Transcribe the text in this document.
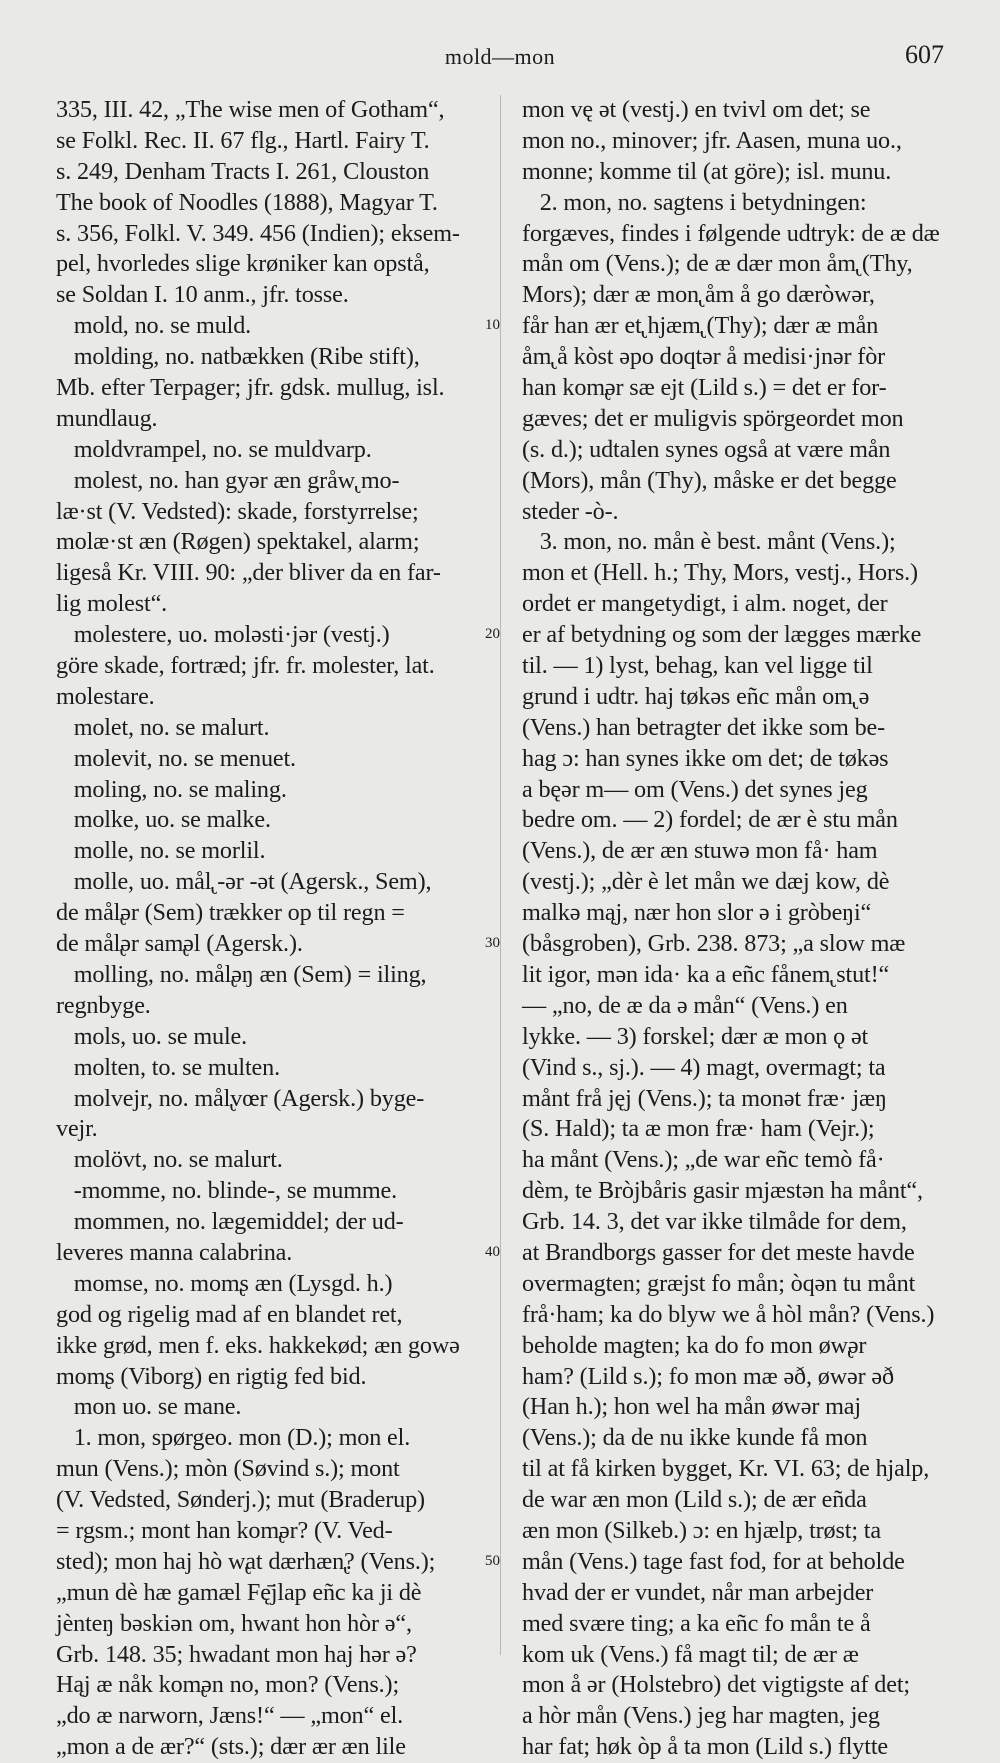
mold—mon	607
335, III. 42, „The wise men of Gotham“,
se Folkl. Rec. II. 67 flg., Hartl. Fairy T.
s. 249, Denham Tracts I. 261, Clouston
The book of Noodles (1888), Magyar T.
s. 356, Folkl. V. 349. 456 (Indien); eksem-
pel, hvorledes slige krøniker kan opstå,
se Soldan I. 10 anm., jfr. tosse.
mold, no. se muld.
molding, no. natbækken (Ribe stift),
Mb. efter Terpager; jfr. gdsk. mullug, isl.
mundlaug.
moldvrampel, no. se muldvarp.
molest, no. han gyər æn gråw̢ mo-
læ·st (V. Vedsted): skade, forstyrrelse;
molæ·st æn (Røgen) spektakel, alarm;
ligeså Kr. VIII. 90: „der bliver da en far-
lig molest“.
molestere, uo. moləsti·jər (vestj.)
göre skade, fortræd; jfr. fr. molester, lat.
molestare.
molet, no. se malurt.
molevit, no. se menuet.
moling, no. se maling.
molke, uo. se malke.
molle, no. se morlil.
molle, uo. mål̢ -ər -ət (Agersk., Sem),
de mål̢ər (Sem) trækker op til regn =
de mål̢ər sam̢əl (Agersk.).
molling, no. mål̢əŋ æn (Sem) = iling,
regnbyge.
mols, uo. se mule.
molten, to. se multen.
molvejr, no. mål̢vœr (Agersk.) byge-
vejr.
molövt, no. se malurt.
-momme, no. blinde-, se mumme.
mommen, no. lægemiddel; der ud-
leveres manna calabrina.
momse, no. mom̢s æn (Lysgd. h.)
god og rigelig mad af en blandet ret,
ikke grød, men f. eks. hakkekød; æn gowə
mom̢s (Viborg) en rigtig fed bid.
mon uo. se mane.
1. mon, spørgeo. mon (D.); mon el.
mun (Vens.); mòn (Søvind s.); mont
(V. Vedsted, Sønderj.); mut (Braderup)
= rgsm.; mont han kom̢ər? (V. Ved-
sted); mon haj hò w̢at dærhæn̢? (Vens.);
„mun dè hæ gamæl Fę̄jlap eñc ka ji dè
jènteŋ bəskiən om, hwant hon hòr ə“,
Grb. 148. 35; hwadant mon haj hər ə?
Hąj æ nåk kom̢ən no, mon? (Vens.);
„do æ narworn, Jæns!“ — „mon“ el.
„mon a de ær?“ (sts.); dær ær æn lile
10
20
30
40
50
mon vę ət (vestj.) en tvivl om det; se
mon no., minover; jfr. Aasen, muna uo.,
monne; komme til (at göre); isl. munu.
2. mon, no. sagtens i betydningen:
forgæves, findes i følgende udtryk: de æ dæ
mån om (Vens.); de æ dær mon åm̢ (Thy,
Mors); dær æ mon̢ åm å go dæròwər,
får han ær et̢ hjæm̢ (Thy); dær æ mån
åm̢ å kòst əpo doqtər å medisi·jnər fòr
han kom̢ər sæ ejt (Lild s.) = det er for-
gæves; det er muligvis spörgeordet mon
(s. d.); udtalen synes også at være mån
(Mors), mån (Thy), måske er det begge
steder -ò-.
3. mon, no. mån è best. månt (Vens.);
mon et (Hell. h.; Thy, Mors, vestj., Hors.)
ordet er mangetydigt, i alm. noget, der
er af betydning og som der lægges mærke
til. — 1) lyst, behag, kan vel ligge til
grund i udtr. haj tøkəs eñc mån om̢ ə
(Vens.) han betragter det ikke som be-
hag ɔ: han synes ikke om det; de tøkəs
a bęər m— om (Vens.) det synes jeg
bedre om. — 2) fordel; de ær è stu mån
(Vens.), de ær æn stuwə mon få· ham
(vestj.); „dèr è let mån we dæj kow, dè
malkə mąj, nær hon slor ə i gròbeŋi“
(båsgroben), Grb. 238. 873; „a slow mæ
lit igor, mən ida· ka a eñc fånem̢ stut!“
— „no, de æ da ə mån“ (Vens.) en
lykke. — 3) forskel; dær æ mon ǫ ət
(Vind s., sj.). — 4) magt, overmagt; ta
månt frå jęj (Vens.); ta monət fræ· jæŋ
(S. Hald); ta æ mon fræ· ham (Vejr.);
ha månt (Vens.); „de war eñc temò få·
dèm, te Bròjbåris gasir mjæstən ha månt“,
Grb. 14. 3, det var ikke tilmåde for dem,
at Brandborgs gasser for det meste havde
overmagten; græjst fo mån; òqən tu månt
frå·ham; ka do blyw we å hòl mån? (Vens.)
beholde magten; ka do fo mon øw̢ər
ham? (Lild s.); fo mon mæ əð, øwər əð
(Han h.); hon wel ha mån øwər maj
(Vens.); da de nu ikke kunde få mon
til at få kirken bygget, Kr. VI. 63; de hjalp,
de war æn mon (Lild s.); de ær eñda
æn mon (Silkeb.) ɔ: en hjælp, trøst; ta
mån (Vens.) tage fast fod, for at beholde
hvad der er vundet, når man arbejder
med svære ting; a ka eñc fo mån te å
kom uk (Vens.) få magt til; de ær æ
mon å ər (Holstebro) det vigtigste af det;
a hòr mån (Vens.) jeg har magten, jeg
har fat; høk òp å ta mon (Lild s.) flytte
